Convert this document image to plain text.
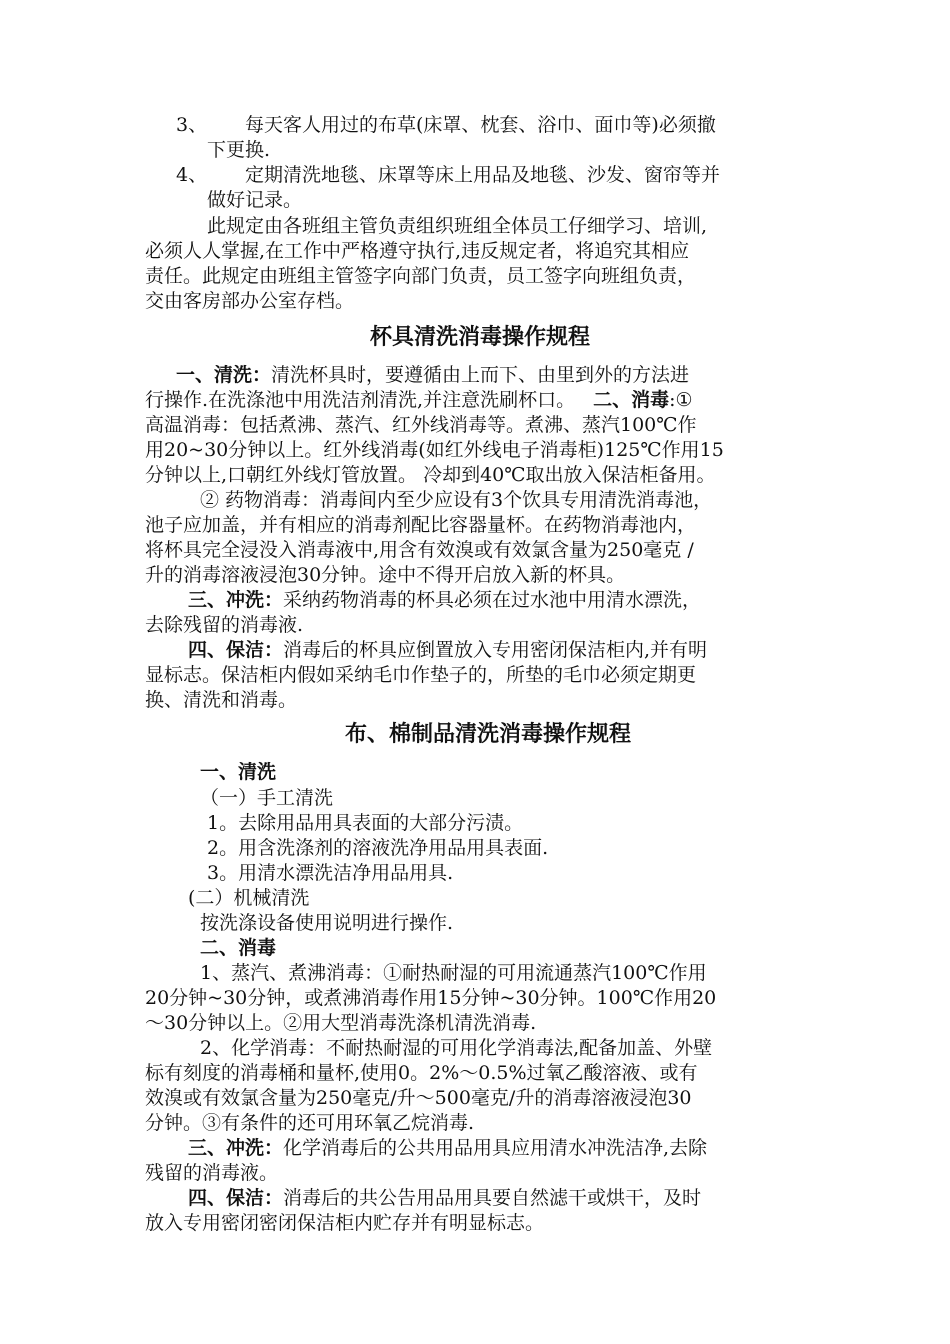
3、 每天客人用过的布草(床罩、枕套、浴巾、面巾等)必须撤
下更换.
4、 定期清洗地毯、床罩等床上用品及地毯、沙发、窗帘等并
做好记录。
此规定由各班组主管负责组织班组全体员工仔细学习、培训,
必须人人掌握,在工作中严格遵守执行,违反规定者，将追究其相应
责任。此规定由班组主管签字向部门负责，员工签字向班组负责，
交由客房部办公室存档。
杯具清洗消毒操作规程
一、清洗：清洗杯具时，要遵循由上而下、由里到外的方法进
行操作.在洗涤池中用洗洁剂清洗,并注意洗刷杯口。 二、消毒:①
高温消毒：包括煮沸、蒸汽、红外线消毒等。煮沸、蒸汽100℃作
用20~30分钟以上。红外线消毒(如红外线电子消毒柜)125℃作用15
分钟以上,口朝红外线灯管放置。 冷却到40℃取出放入保洁柜备用。
② 药物消毒：消毒间内至少应设有3个饮具专用清洗消毒池，
池子应加盖，并有相应的消毒剂配比容器量杯。在药物消毒池内，
将杯具完全浸没入消毒液中,用含有效溴或有效氯含量为250毫克 /
升的消毒溶液浸泡30分钟。途中不得开启放入新的杯具。
三、冲洗：采纳药物消毒的杯具必须在过水池中用清水漂洗，
去除残留的消毒液.
四、保洁：消毒后的杯具应倒置放入专用密闭保洁柜内,并有明
显标志。保洁柜内假如采纳毛巾作垫子的，所垫的毛巾必须定期更
换、清洗和消毒。
布、棉制品清洗消毒操作规程
一、清洗
（一）手工清洗
1。去除用品用具表面的大部分污渍。
2。用含洗涤剂的溶液洗净用品用具表面.
3。用清水漂洗洁净用品用具.
(二）机械清洗
按洗涤设备使用说明进行操作.
二、消毒
1、蒸汽、煮沸消毒：①耐热耐湿的可用流通蒸汽100℃作用
20分钟~30分钟，或煮沸消毒作用15分钟~30分钟。100℃作用20
～30分钟以上。②用大型消毒洗涤机清洗消毒.
2、化学消毒：不耐热耐湿的可用化学消毒法,配备加盖、外壁
标有刻度的消毒桶和量杯,使用0。2%～0.5%过氧乙酸溶液、或有
效溴或有效氯含量为250毫克/升～500毫克/升的消毒溶液浸泡30
分钟。③有条件的还可用环氧乙烷消毒.
三、冲洗：化学消毒后的公共用品用具应用清水冲洗洁净,去除
残留的消毒液。
四、保洁：消毒后的共公告用品用具要自然滤干或烘干，及时
放入专用密闭密闭保洁柜内贮存并有明显标志。
